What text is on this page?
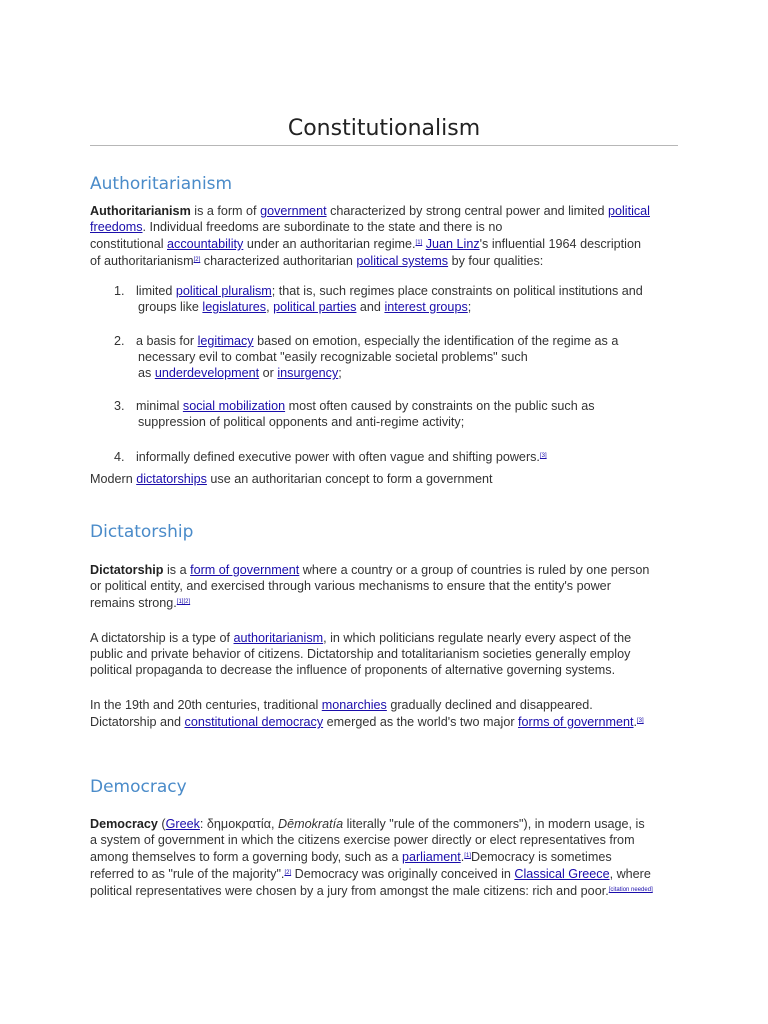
Constitutionalism
Authoritarianism
Authoritarianism is a form of government characterized by strong central power and limited political
freedoms. Individual freedoms are subordinate to the state and there is no
constitutional accountability under an authoritarian regime.[1] Juan Linz's influential 1964 description
of authoritarianism[2] characterized authoritarian political systems by four qualities:
1. limited political pluralism; that is, such regimes place constraints on political institutions and
groups like legislatures, political parties and interest groups;
2. a basis for legitimacy based on emotion, especially the identification of the regime as a
necessary evil to combat "easily recognizable societal problems" such
as underdevelopment or insurgency;
3. minimal social mobilization most often caused by constraints on the public such as
suppression of political opponents and anti-regime activity;
4. informally defined executive power with often vague and shifting powers.[3]
Modern dictatorships use an authoritarian concept to form a government
Dictatorship
Dictatorship is a form of government where a country or a group of countries is ruled by one person
or political entity, and exercised through various mechanisms to ensure that the entity's power
remains strong.[1][2]
A dictatorship is a type of authoritarianism, in which politicians regulate nearly every aspect of the
public and private behavior of citizens. Dictatorship and totalitarianism societies generally employ
political propaganda to decrease the influence of proponents of alternative governing systems.
In the 19th and 20th centuries, traditional monarchies gradually declined and disappeared.
Dictatorship and constitutional democracy emerged as the world's two major forms of government.[3]
Democracy
Democracy (Greek: δημοκρατία, Dēmokratía literally "rule of the commoners"), in modern usage, is
a system of government in which the citizens exercise power directly or elect representatives from
among themselves to form a governing body, such as a parliament.[1]Democracy is sometimes
referred to as "rule of the majority".[2] Democracy was originally conceived in Classical Greece, where
political representatives were chosen by a jury from amongst the male citizens: rich and poor.[citation needed]
